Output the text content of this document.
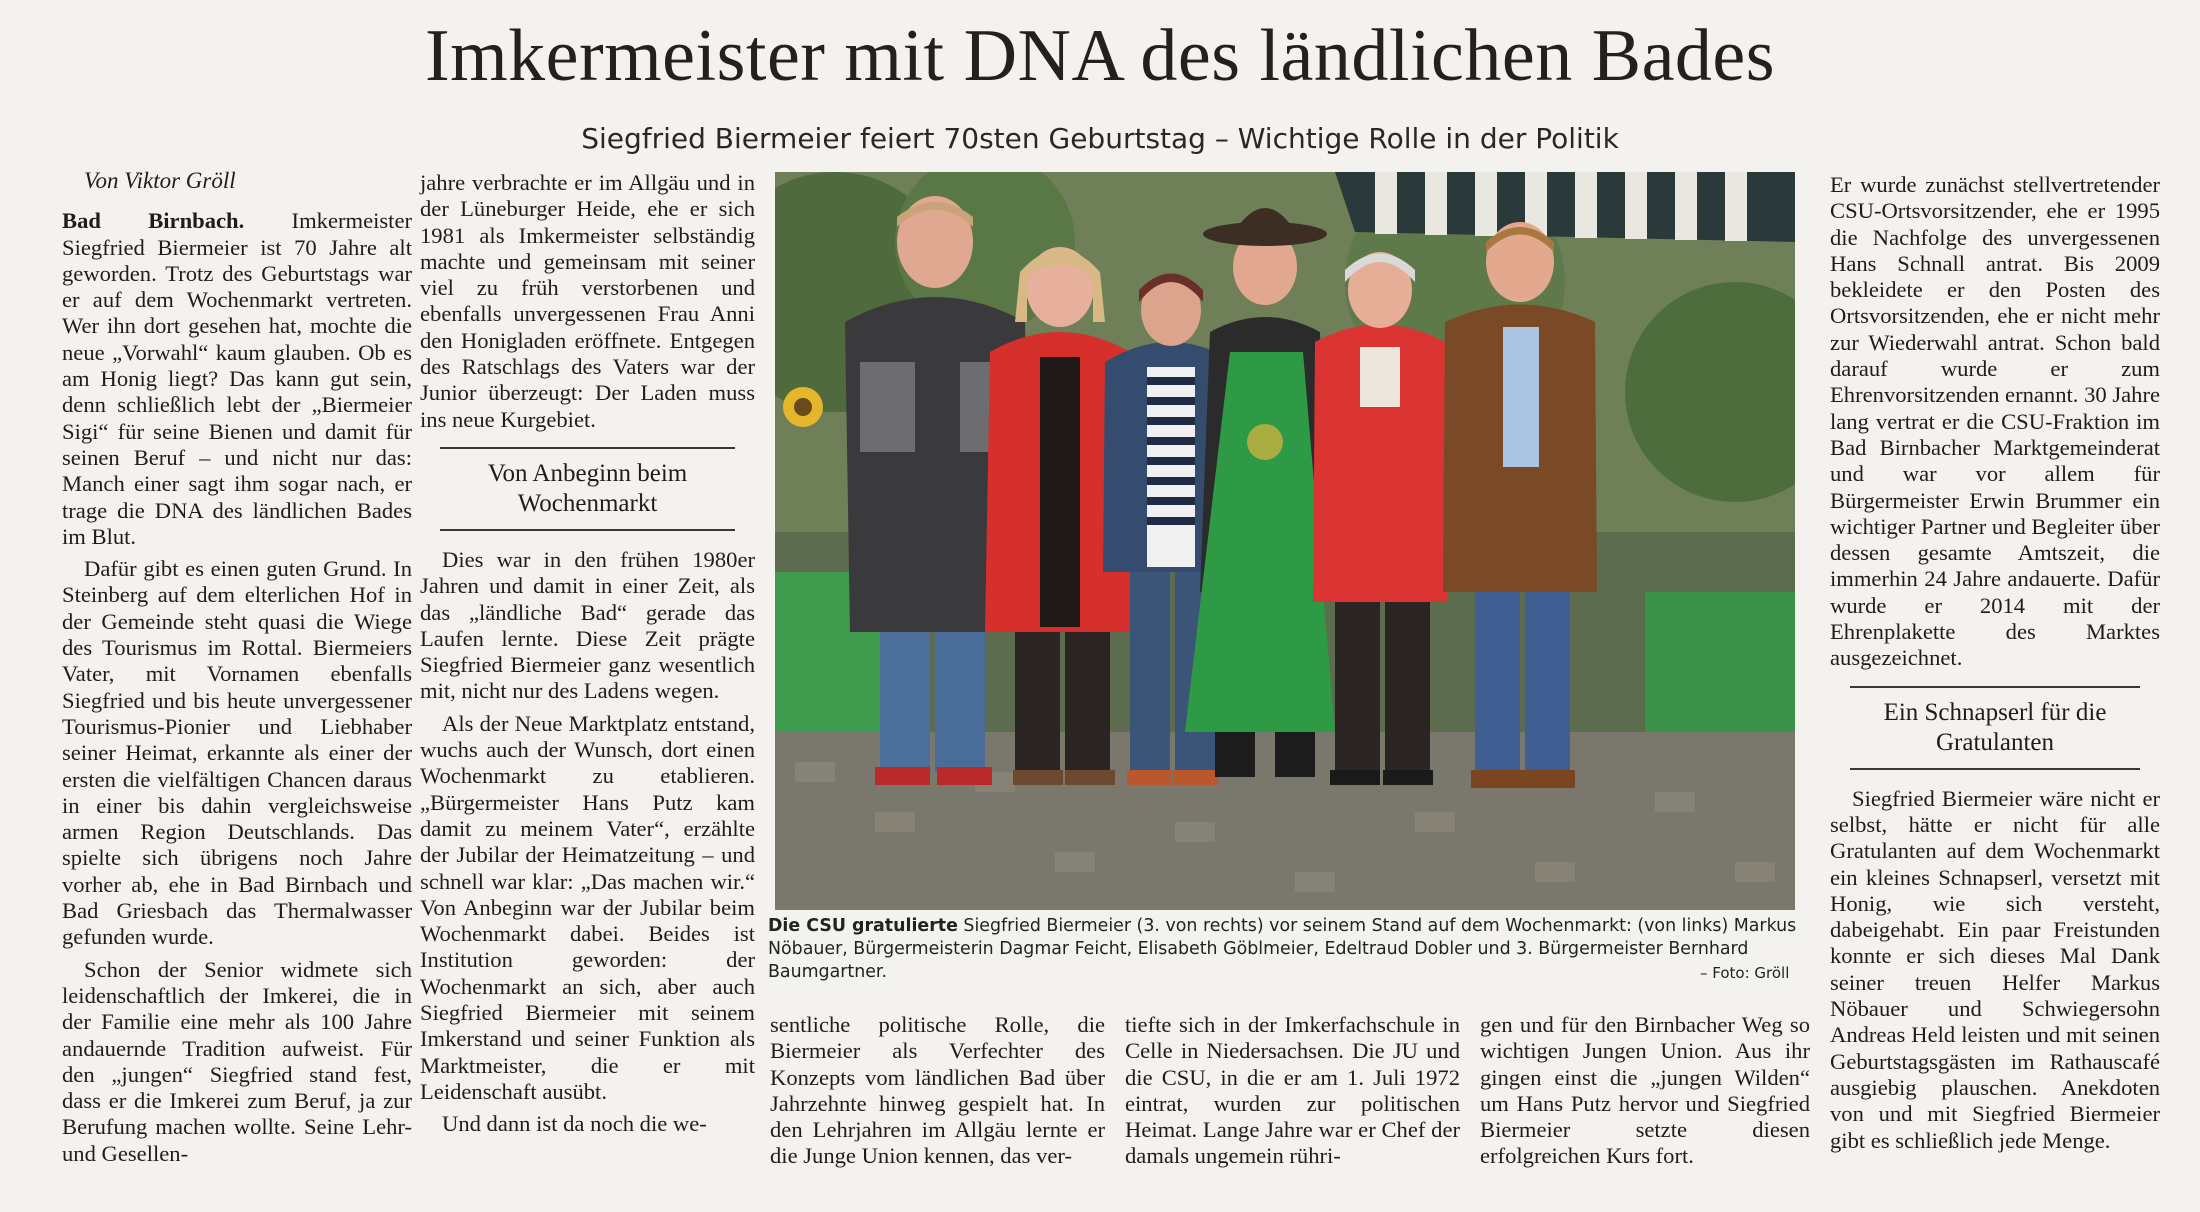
Imkermeister mit DNA des ländlichen Bades
Siegfried Biermeier feiert 70sten Geburtstag – Wichtige Rolle in der Politik
Von Viktor Gröll

Bad Birnbach. Imkermeister Siegfried Biermeier ist 70 Jahre alt geworden. Trotz des Geburtstags war er auf dem Wochenmarkt vertreten. Wer ihn dort gesehen hat, mochte die neue „Vorwahl“ kaum glauben. Ob es am Honig liegt? Das kann gut sein, denn schließlich lebt der „Biermeier Sigi“ für seine Bienen und damit für seinen Beruf – und nicht nur das: Manch einer sagt ihm sogar nach, er trage die DNA des ländlichen Bades im Blut.

Dafür gibt es einen guten Grund. In Steinberg auf dem elterlichen Hof in der Gemeinde steht quasi die Wiege des Tourismus im Rottal. Biermeiers Vater, mit Vornamen ebenfalls Siegfried und bis heute unvergessener Tourismus-Pionier und Liebhaber seiner Heimat, erkannte als einer der ersten die vielfältigen Chancen daraus in einer bis dahin vergleichsweise armen Region Deutschlands. Das spielte sich übrigens noch Jahre vorher ab, ehe in Bad Birnbach und Bad Griesbach das Thermalwasser gefunden wurde.

Schon der Senior widmete sich leidenschaftlich der Imkerei, die in der Familie eine mehr als 100 Jahre andauernde Tradition aufweist. Für den „jungen“ Siegfried stand fest, dass er die Imkerei zum Beruf, ja zur Berufung machen wollte. Seine Lehr- und Gesellen-

jahre verbrachte er im Allgäu und in der Lüneburger Heide, ehe er sich 1981 als Imkermeister selbständig machte und gemeinsam mit seiner viel zu früh verstorbenen und ebenfalls unvergessenen Frau Anni den Honigladen eröffnete. Entgegen des Ratschlags des Vaters war der Junior überzeugt: Der Laden muss ins neue Kurgebiet.

Von Anbeginn beim Wochenmarkt

Dies war in den frühen 1980er Jahren und damit in einer Zeit, als das „ländliche Bad“ gerade das Laufen lernte. Diese Zeit prägte Siegfried Biermeier ganz wesentlich mit, nicht nur des Ladens wegen.

Als der Neue Marktplatz entstand, wuchs auch der Wunsch, dort einen Wochenmarkt zu etablieren. „Bürgermeister Hans Putz kam damit zu meinem Vater“, erzählte der Jubilar der Heimatzeitung – und schnell war klar: „Das machen wir.“ Von Anbeginn war der Jubilar beim Wochenmarkt dabei. Beides ist Institution geworden: der Wochenmarkt an sich, aber auch Siegfried Biermeier mit seinem Imkerstand und seiner Funktion als Marktmeister, die er mit Leidenschaft ausübt.

Und dann ist da noch die we-

Die CSU gratulierte Siegfried Biermeier (3. von rechts) vor seinem Stand auf dem Wochenmarkt: (von links) Markus Nöbauer, Bürgermeisterin Dagmar Feicht, Elisabeth Göblmeier, Edeltraud Dobler und 3. Bürgermeister Bernhard Baumgartner.	– Foto: Gröll

sentliche politische Rolle, die Biermeier als Verfechter des Konzepts vom ländlichen Bad über Jahrzehnte hinweg gespielt hat. In den Lehrjahren im Allgäu lernte er die Junge Union kennen, das ver-

tiefte sich in der Imkerfachschule in Celle in Niedersachsen. Die JU und die CSU, in die er am 1. Juli 1972 eintrat, wurden zur politischen Heimat. Lange Jahre war er Chef der damals ungemein rühri-

gen und für den Birnbacher Weg so wichtigen Jungen Union. Aus ihr gingen einst die „jungen Wilden“ um Hans Putz hervor und Siegfried Biermeier setzte diesen erfolgreichen Kurs fort.

Er wurde zunächst stellvertretender CSU-Ortsvorsitzender, ehe er 1995 die Nachfolge des unvergessenen Hans Schnall antrat. Bis 2009 bekleidete er den Posten des Ortsvorsitzenden, ehe er nicht mehr zur Wiederwahl antrat. Schon bald darauf wurde er zum Ehrenvorsitzenden ernannt. 30 Jahre lang vertrat er die CSU-Fraktion im Bad Birnbacher Marktgemeinderat und war vor allem für Bürgermeister Erwin Brummer ein wichtiger Partner und Begleiter über dessen gesamte Amtszeit, die immerhin 24 Jahre andauerte. Dafür wurde er 2014 mit der Ehrenplakette des Marktes ausgezeichnet.

Ein Schnapserl für die Gratulanten

Siegfried Biermeier wäre nicht er selbst, hätte er nicht für alle Gratulanten auf dem Wochenmarkt ein kleines Schnapserl, versetzt mit Honig, wie sich versteht, dabeigehabt. Ein paar Freistunden konnte er sich dieses Mal Dank seiner treuen Helfer Markus Nöbauer und Schwiegersohn Andreas Held leisten und mit seinen Geburtstagsgästen im Rathauscafé ausgiebig plauschen. Anekdoten von und mit Siegfried Biermeier gibt es schließlich jede Menge.
